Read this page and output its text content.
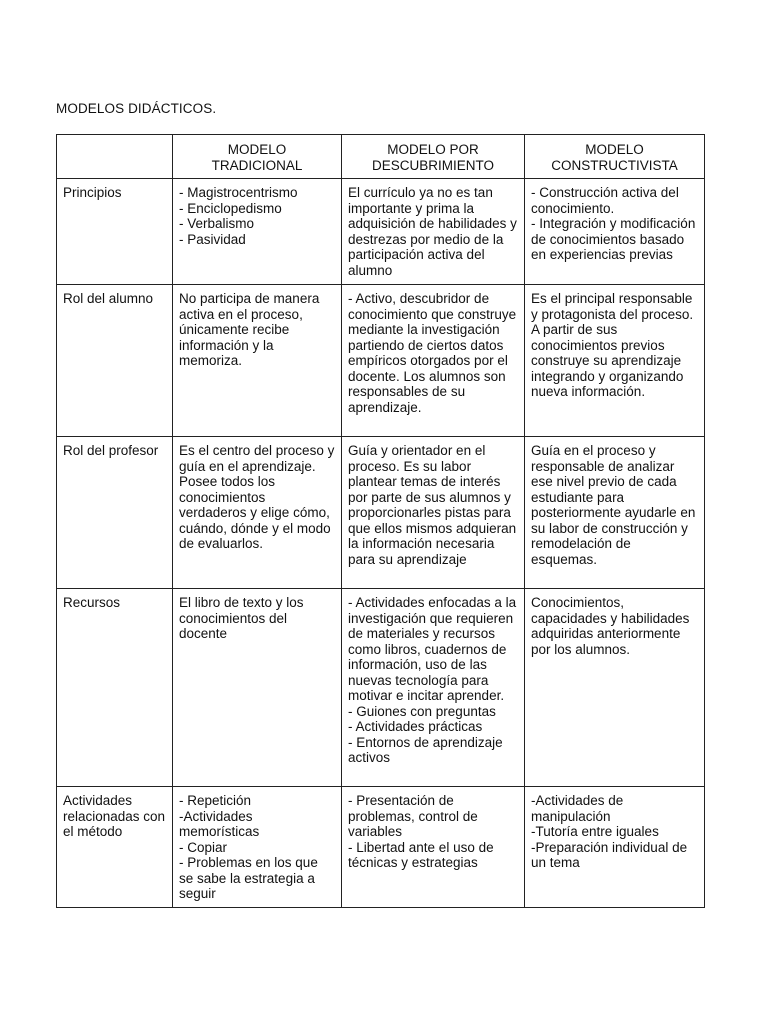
MODELOS DIDÁCTICOS.

	MODELO
TRADICIONAL	MODELO POR
DESCUBRIMIENTO	MODELO
CONSTRUCTIVISTA

Principios	- Magistrocentrismo
- Enciclopedismo
- Verbalismo
- Pasividad	El currículo ya no es tan importante y prima la adquisición de habilidades y destrezas por medio de la participación activa del alumno	- Construcción activa del conocimiento.
- Integración y modificación de conocimientos basado en experiencias previas

Rol del alumno	No participa de manera activa en el proceso, únicamente recibe información y la memoriza.	- Activo, descubridor de conocimiento que construye mediante la investigación partiendo de ciertos datos empíricos otorgados por el docente. Los alumnos son responsables de su aprendizaje.	Es el principal responsable y protagonista del proceso. A partir de sus conocimientos previos construye su aprendizaje integrando y organizando nueva información.

Rol del profesor	Es el centro del proceso y guía en el aprendizaje. Posee todos los conocimientos verdaderos y elige cómo, cuándo, dónde y el modo de evaluarlos.	Guía y orientador en el proceso. Es su labor plantear temas de interés por parte de sus alumnos y proporcionarles pistas para que ellos mismos adquieran la información necesaria para su aprendizaje	Guía en el proceso y responsable de analizar ese nivel previo de cada estudiante para posteriormente ayudarle en su labor de construcción y remodelación de esquemas.

Recursos	El libro de texto y los conocimientos del docente	- Actividades enfocadas a la investigación que requieren de materiales y recursos como libros, cuadernos de información, uso de las nuevas tecnología para motivar e incitar aprender.
- Guiones con preguntas
- Actividades prácticas
- Entornos de aprendizaje activos	Conocimientos, capacidades y habilidades adquiridas anteriormente por los alumnos.

Actividades relacionadas con el método	- Repetición
-Actividades memorísticas
- Copiar
- Problemas en los que se sabe la estrategia a seguir	- Presentación de problemas, control de variables
- Libertad ante el uso de técnicas y estrategias	-Actividades de manipulación
-Tutoría entre iguales
-Preparación individual de un tema
